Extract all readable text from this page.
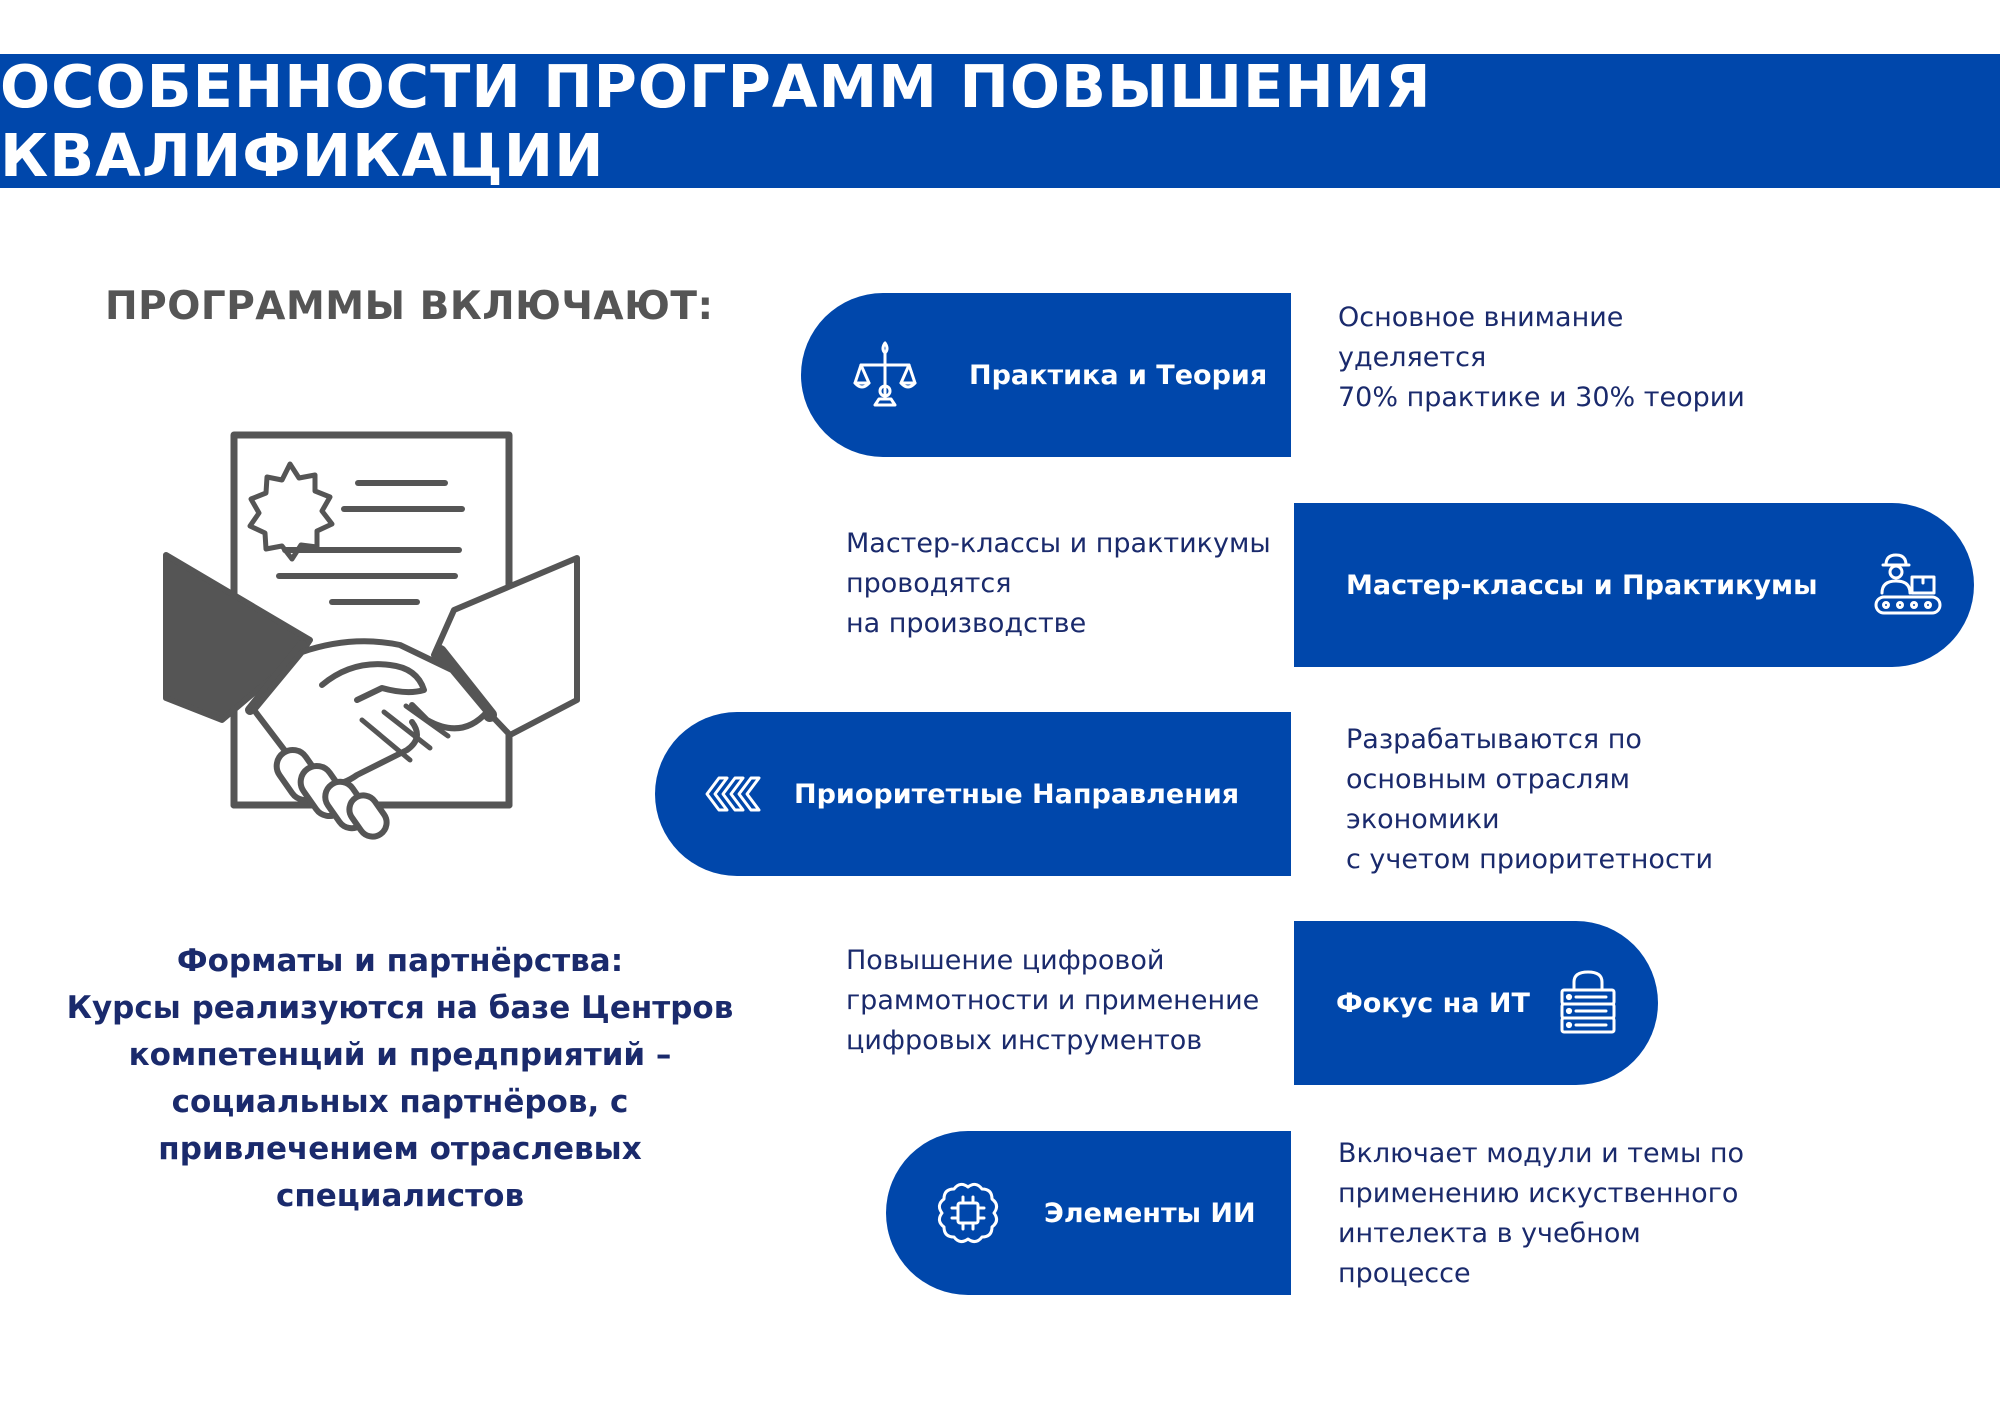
ОСОБЕННОСТИ ПРОГРАММ ПОВЫШЕНИЯ КВАЛИФИКАЦИИ
ПРОГРАММЫ ВКЛЮЧАЮТ:
Форматы и партнёрства:
Курсы реализуются на базе Центров
компетенций и предприятий –
социальных партнёров, с
привлечением отраслевых
специалистов
Практика и Теория
Основное внимание
уделяется
70% практике и 30% теории
Мастер-классы и практикумы
проводятся
на производстве
Мастер-классы и Практикумы
Приоритетные Направления
Разрабатываются по
основным отраслям
экономики
с учетом приоритетности
Повышение цифровой
граммотности и применение
цифровых инструментов
Фокус на ИТ
Элементы ИИ
Включает модули и темы по
применению искуственного
интелекта в учебном
процессе
